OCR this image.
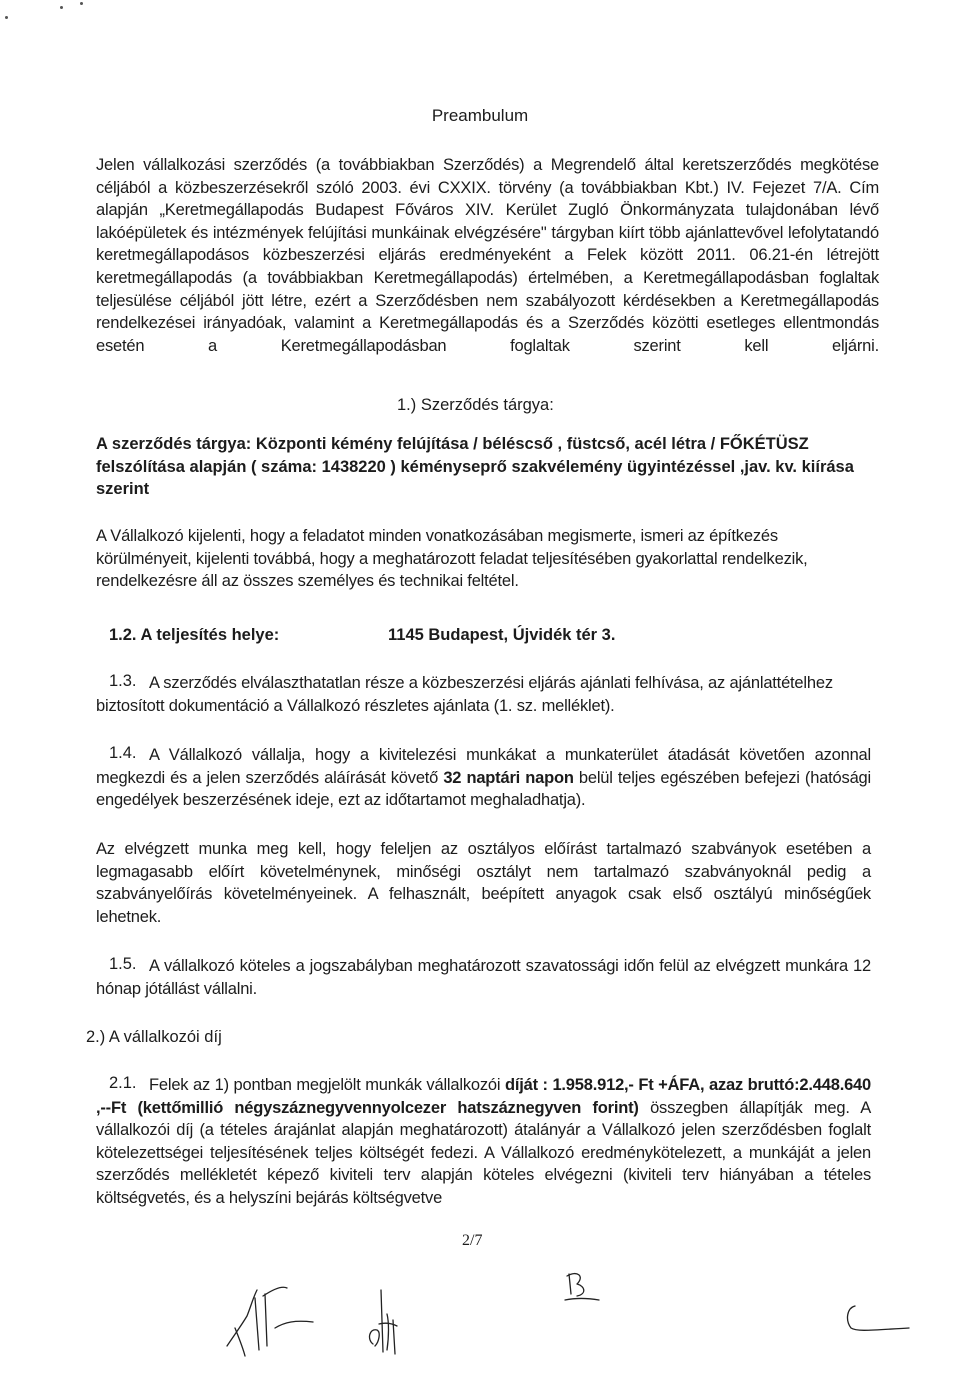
Preambulum

Jelen vállalkozási szerződés (a továbbiakban Szerződés) a Megrendelő által keretszerződés megkötése céljából a közbeszerzésekről szóló 2003. évi CXXIX. törvény (a továbbiakban Kbt.) IV. Fejezet 7/A. Cím alapján „Keretmegállapodás Budapest Főváros XIV. Kerület Zugló Önkormányzata tulajdonában lévő lakóépületek és intézmények felújítási munkáinak elvégzésére" tárgyban kiírt több ajánlattevővel lefolytatandó keretmegállapodásos közbeszerzési eljárás eredményeként a Felek között 2011. 06.21-én létrejött keretmegállapodás (a továbbiakban Keretmegállapodás) értelmében, a Keretmegállapodásban foglaltak teljesülése céljából jött létre, ezért a Szerződésben nem szabályozott kérdésekben a Keretmegállapodás rendelkezései irányadóak, valamint a Keretmegállapodás és a Szerződés közötti esetleges ellentmondás esetén a Keretmegállapodásban foglaltak szerint kell eljárni.

1.) Szerződés tárgya:

A szerződés tárgya: Központi kémény felújítása / béléscső , füstcső, acél létra / FŐKÉTÜSZ felszólítása alapján ( száma: 1438220 ) kéményseprő szakvélemény ügyintézéssel ,jav. kv. kiírása szerint

A Vállalkozó kijelenti, hogy a feladatot minden vonatkozásában megismerte, ismeri az építkezés körülményeit, kijelenti továbbá, hogy a meghatározott feladat teljesítésében gyakorlattal rendelkezik, rendelkezésre áll az összes személyes és technikai feltétel.

1.2. A teljesítés helye:	1145 Budapest, Újvidék tér 3.
1.3. A szerződés elválaszthatatlan része a közbeszerzési eljárás ajánlati felhívása, az ajánlattételhez biztosított dokumentáció a Vállalkozó részletes ajánlata (1. sz. melléklet).

1.4. A Vállalkozó vállalja, hogy a kivitelezési munkákat a munkaterület átadását követően azonnal megkezdi és a jelen szerződés aláírását követő 32 naptári napon belül teljes egészében befejezi (hatósági engedélyek beszerzésének ideje, ezt az időtartamot meghaladhatja).

Az elvégzett munka meg kell, hogy feleljen az osztályos előírást tartalmazó szabványok esetében a legmagasabb előírt követelménynek, minőségi osztályt nem tartalmazó szabványoknál pedig a szabványelőírás követelményeinek. A felhasznált, beépített anyagok csak első osztályú minőségűek lehetnek.

1.5. A vállalkozó köteles a jogszabályban meghatározott szavatossági időn felül az elvégzett munkára 12 hónap jótállást vállalni.

2.) A vállalkozói díj

2.1. Felek az 1) pontban megjelölt munkák vállalkozói díját : 1.958.912,- Ft +ÁFA, azaz bruttó:2.448.640 ,--Ft (kettőmillió négyszáznegyvennyolcezer hatszáznegyven forint) összegben állapítják meg. A vállalkozói díj (a tételes árajánlat alapján meghatározott) átalányár a Vállalkozó jelen szerződésben foglalt kötelezettségei teljesítésének teljes költségét fedezi. A Vállalkozó eredménykötelezett, a munkáját a jelen szerződés mellékletét képező kiviteli terv alapján köteles elvégezni (kiviteli terv hiányában a tételes költségvetés, és a helyszíni bejárás költségvetve

2/7
